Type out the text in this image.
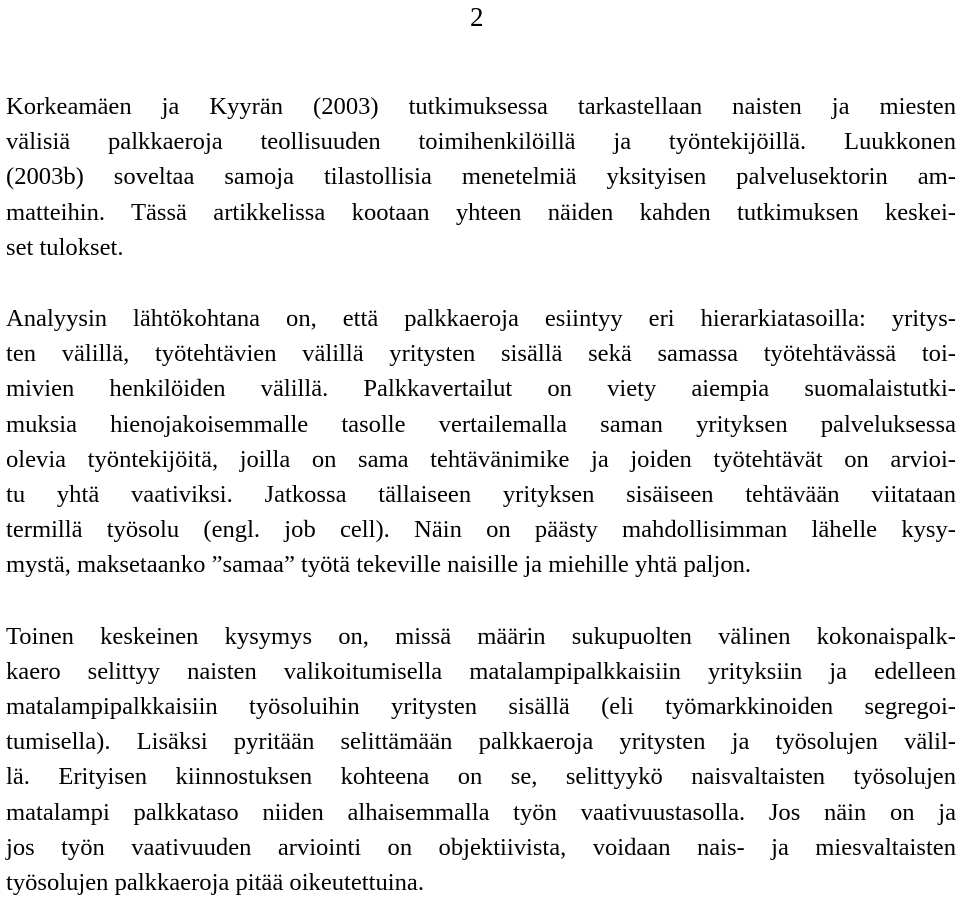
2

Korkeamäen ja Kyyrän (2003) tutkimuksessa tarkastellaan naisten ja miesten
välisiä palkkaeroja teollisuuden toimihenkilöillä ja työntekijöillä. Luukkonen
(2003b) soveltaa samoja tilastollisia menetelmiä yksityisen palvelusektorin am-
matteihin. Tässä artikkelissa kootaan yhteen näiden kahden tutkimuksen keskei-
set tulokset.

Analyysin lähtökohtana on, että palkkaeroja esiintyy eri hierarkiatasoilla: yritys-
ten välillä, työtehtävien välillä yritysten sisällä sekä samassa työtehtävässä toi-
mivien henkilöiden välillä. Palkkavertailut on viety aiempia suomalaistutki-
muksia hienojakoisemmalle tasolle vertailemalla saman yrityksen palveluksessa
olevia työntekijöitä, joilla on sama tehtävänimike ja joiden työtehtävät on arvioi-
tu yhtä vaativiksi. Jatkossa tällaiseen yrityksen sisäiseen tehtävään viitataan
termillä työsolu (engl. job cell). Näin on päästy mahdollisimman lähelle kysy-
mystä, maksetaanko ”samaa” työtä tekeville naisille ja miehille yhtä paljon.

Toinen keskeinen kysymys on, missä määrin sukupuolten välinen kokonaispalk-
kaero selittyy naisten valikoitumisella matalampipalkkaisiin yrityksiin ja edelleen
matalampipalkkaisiin työsoluihin yritysten sisällä (eli työmarkkinoiden segregoi-
tumisella). Lisäksi pyritään selittämään palkkaeroja yritysten ja työsolujen välil-
lä. Erityisen kiinnostuksen kohteena on se, selittyykö naisvaltaisten työsolujen
matalampi palkkataso niiden alhaisemmalla työn vaativuustasolla. Jos näin on ja
jos työn vaativuuden arviointi on objektiivista, voidaan nais- ja miesvaltaisten
työsolujen palkkaeroja pitää oikeutettuina.
